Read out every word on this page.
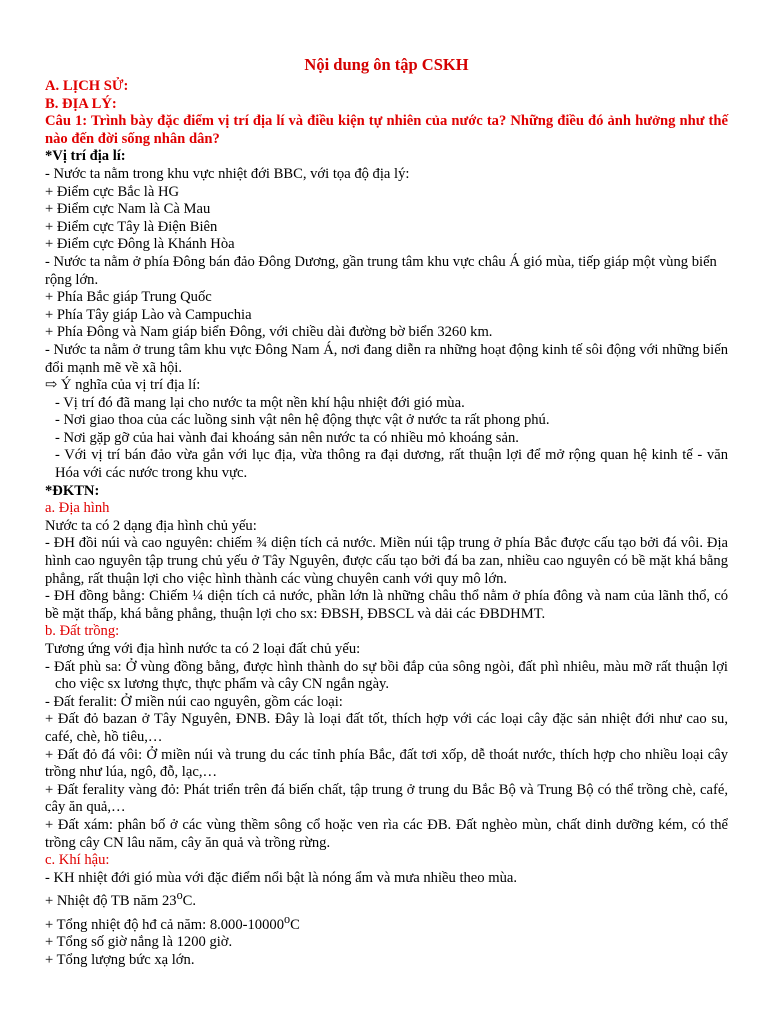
Nội dung ôn tập CSKH
A. LỊCH SỬ:
B. ĐỊA LÝ:
Câu 1: Trình bày đặc điểm vị trí địa lí và điều kiện tự nhiên của nước ta? Những điều đó ảnh hưởng như thế nào đến đời sống nhân dân?
*Vị trí địa lí:
- Nước ta nằm trong khu vực nhiệt đới BBC, với tọa độ địa lý:
+ Điểm cực Bắc là HG
+ Điểm cực Nam là Cà Mau
+ Điểm cực Tây là Điện Biên
+ Điểm cực Đông là Khánh Hòa
- Nước ta nằm ở phía Đông bán đảo Đông Dương, gần trung tâm khu vực châu Á gió mùa, tiếp giáp một vùng biển
rộng lớn.
+ Phía Bắc giáp Trung Quốc
+ Phía Tây giáp Lào và Campuchia
+ Phía Đông và Nam giáp biển Đông, với chiều dài đường bờ biển 3260 km.
- Nước ta nằm ở trung tâm khu vực Đông Nam Á, nơi đang diễn ra những hoạt động kinh tế sôi động với những biến đổi mạnh mẽ về xã hội.
⇨ Ý nghĩa của vị trí địa lí:
- Vị trí đó đã mang lại cho nước ta một nền khí hậu nhiệt đới gió mùa.
- Nơi giao thoa của các luồng sinh vật nên hệ động thực vật ở nước ta rất phong phú.
- Nơi gặp gỡ của hai vành đai khoáng sản nên nước ta có nhiều mỏ khoáng sản.
- Với vị trí bán đảo vừa gắn với lục địa, vừa thông ra đại dương, rất thuận lợi để mở rộng quan hệ kinh tế - văn Hóa với các nước trong khu vực.
*ĐKTN:
a. Địa hình
Nước ta có 2 dạng địa hình chủ yếu:
- ĐH đồi núi và cao nguyên: chiếm ¾ diện tích cả nước. Miền núi tập trung ở phía Bắc được cấu tạo bởi đá vôi. Địa hình cao nguyên tập trung chủ yếu ở Tây Nguyên, được cấu tạo bởi đá ba zan, nhiều cao nguyên có bề mặt khá bằng phẳng, rất thuận lợi cho việc hình thành các vùng chuyên canh với quy mô lớn.
- ĐH đồng bằng: Chiếm ¼ diện tích cả nước, phần lớn là những châu thổ nằm ở phía đông và nam của lãnh thổ, có bề mặt thấp, khá bằng phẳng, thuận lợi cho sx: ĐBSH, ĐBSCL và dải các ĐBDHMT.
b. Đất trồng:
Tương ứng với địa hình nước ta có 2 loại đất chủ yếu:
- Đất phù sa: Ở vùng đồng bằng, được hình thành do sự bồi đắp của sông ngòi, đất phì nhiêu, màu mỡ rất thuận lợi cho việc sx lương thực, thực phẩm và cây CN ngắn ngày.
- Đất feralit: Ở miền núi cao nguyên, gồm các loại:
+ Đất đỏ bazan ở Tây Nguyên, ĐNB. Đây là loại đất tốt, thích hợp với các loại cây đặc sản nhiệt đới như cao su, café, chè, hồ tiêu,…
+ Đất đỏ đá vôi: Ở miền núi và trung du các tỉnh phía Bắc, đất tơi xốp, dễ thoát nước, thích hợp cho nhiều loại cây trồng như lúa, ngô, đỗ, lạc,…
+ Đất ferality vàng đỏ: Phát triển trên đá biến chất, tập trung ở trung du Bắc Bộ và Trung Bộ có thể trồng chè, café, cây ăn quả,…
+ Đất xám: phân bố ở các vùng thềm sông cổ hoặc ven rìa các ĐB. Đất nghèo mùn, chất dinh dưỡng kém, có thể trồng cây CN lâu năm, cây ăn quả và trồng rừng.
c. Khí hậu:
- KH nhiệt đới gió mùa với đặc điểm nổi bật là nóng ẩm và mưa nhiều theo mùa.
+ Nhiệt độ TB năm $23^oC$.
+ Tổng nhiệt độ hđ cả năm: $8.000-10000^oC$
+ Tổng số giờ nắng là 1200 giờ.
+ Tổng lượng bức xạ lớn.
